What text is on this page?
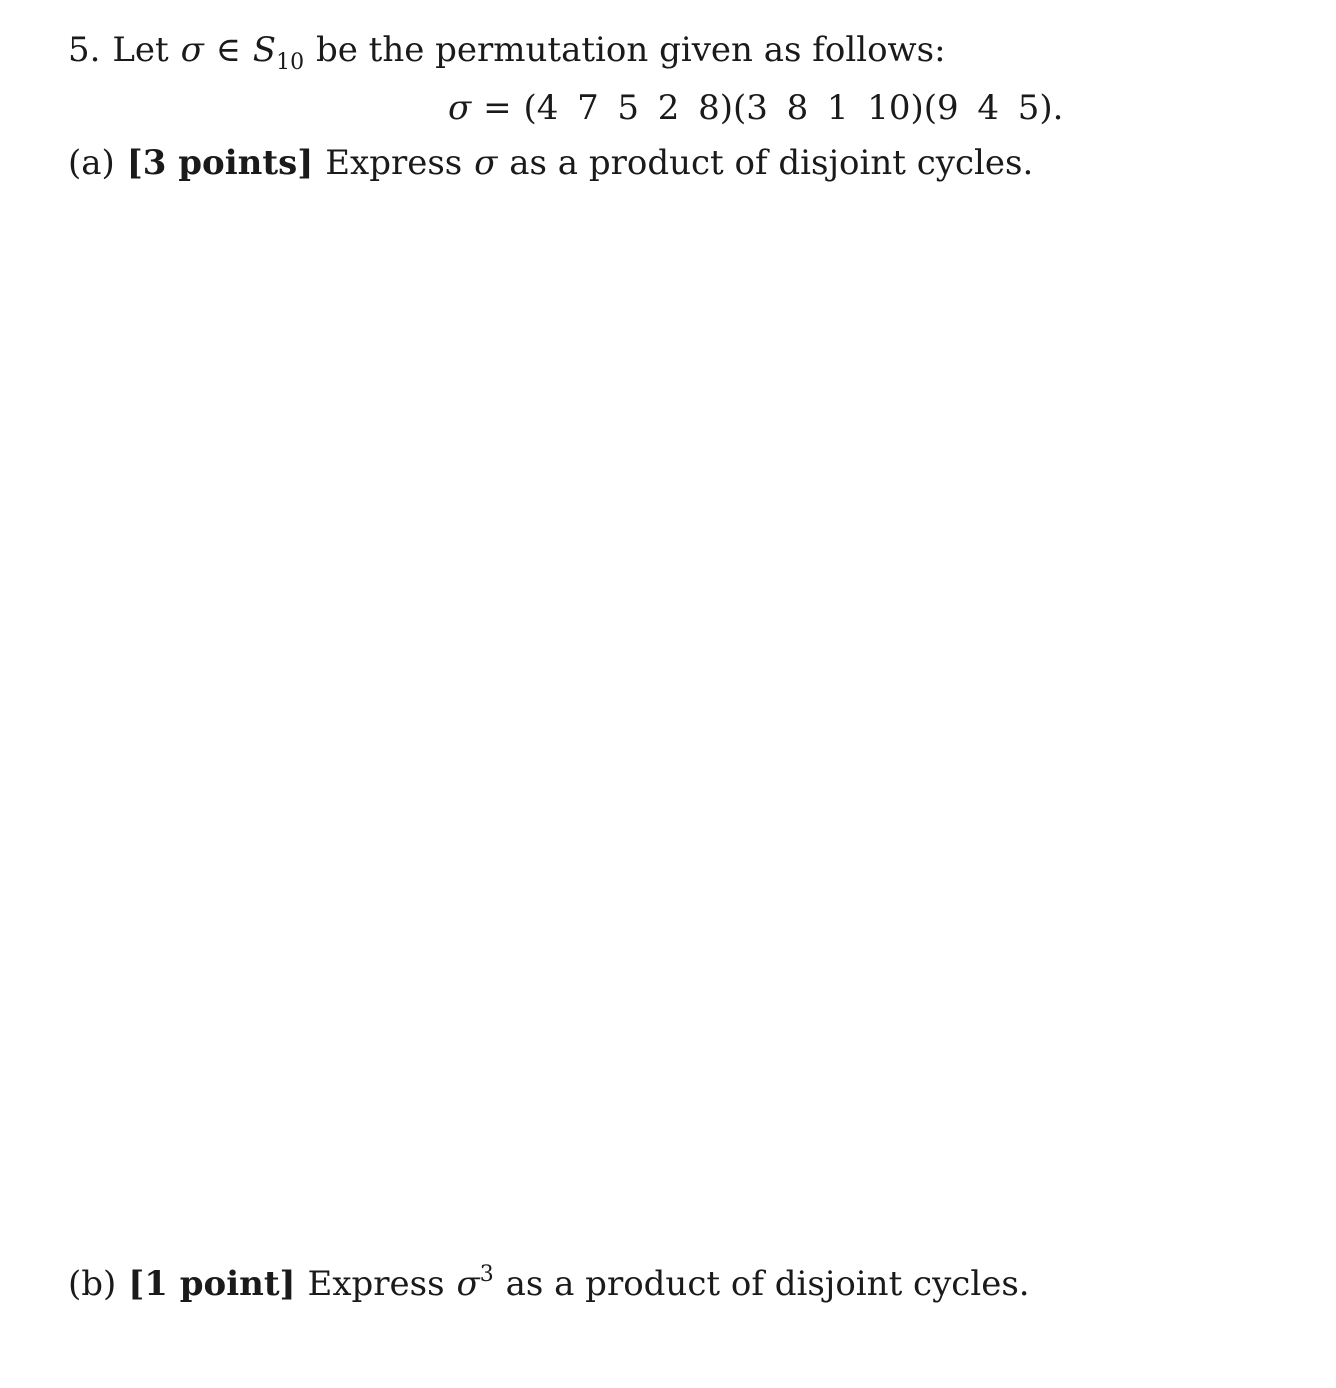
5. Let σ ∈ $S_{10}$ be the permutation given as follows:
σ = (4 7 5 2 8)(3 8 1 10)(9 4 5).
(a) [3 points] Express σ as a product of disjoint cycles.
(b) [1 point] Express $\sigma^3$ as a product of disjoint cycles.
